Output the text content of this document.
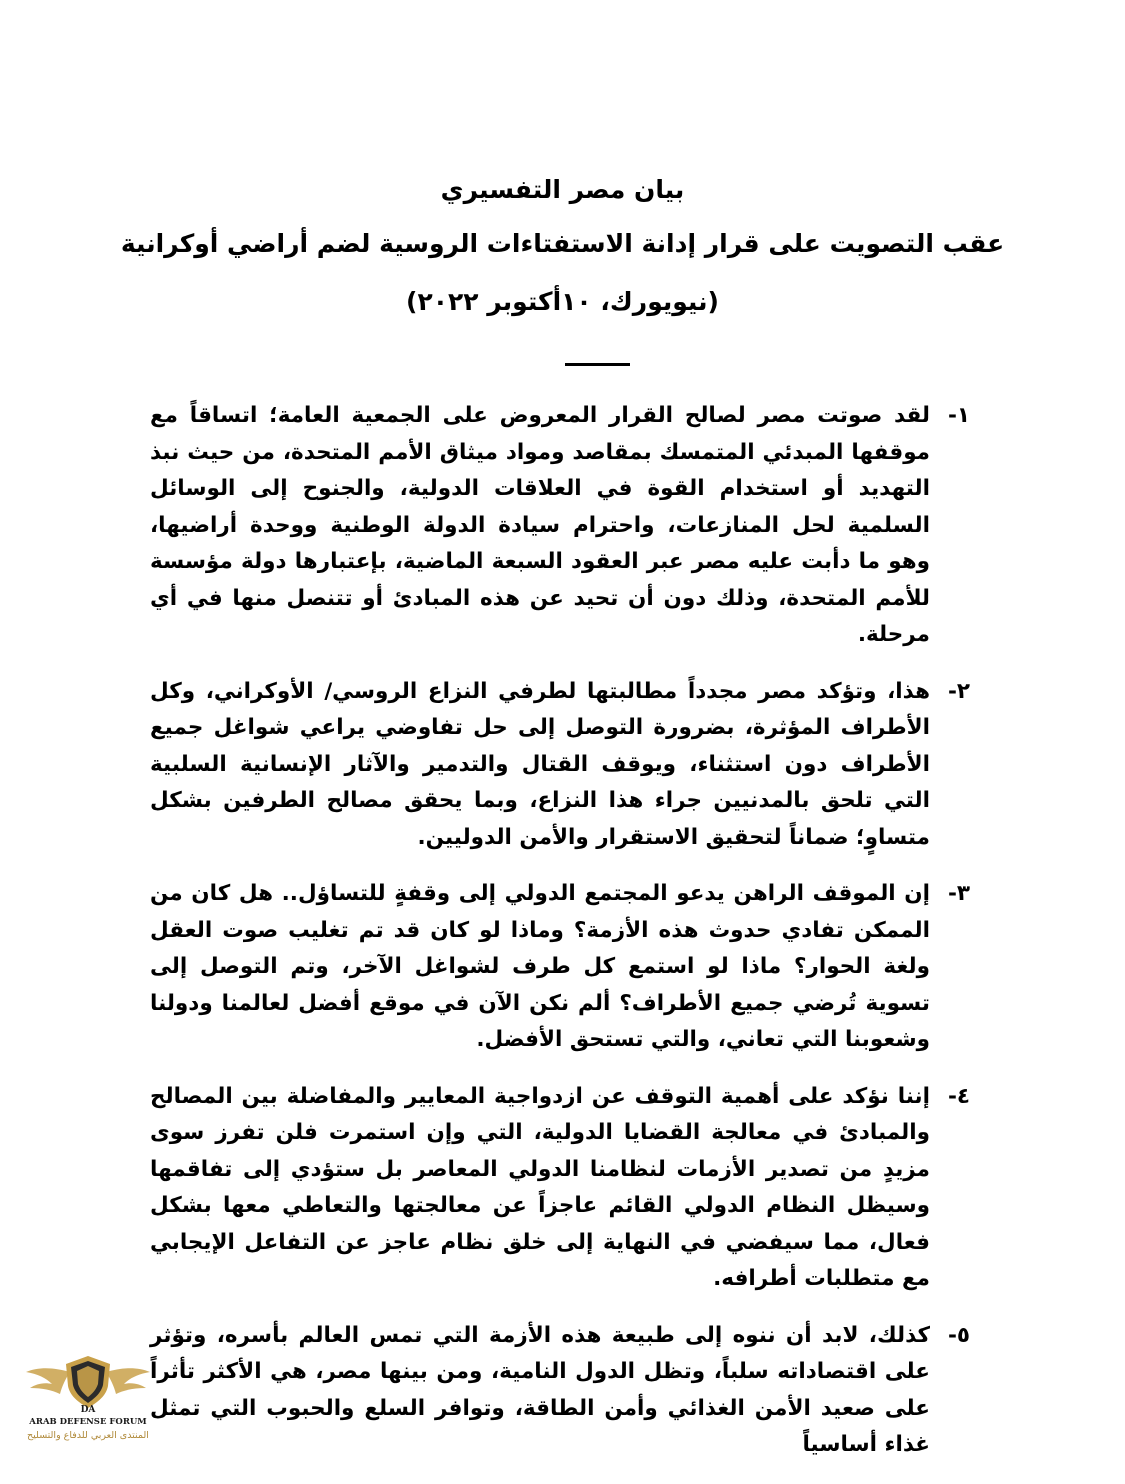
بيان مصر التفسيري
عقب التصويت على قرار إدانة الاستفتاءات الروسية لضم أراضي أوكرانية
(نيويورك، ١٠أكتوبر ٢٠٢٢)
١-
لقد صوتت مصر لصالح القرار المعروض على الجمعية العامة؛ اتساقاً مع موقفها المبدئي المتمسك بمقاصد ومواد ميثاق الأمم المتحدة، من حيث نبذ التهديد أو استخدام القوة في العلاقات الدولية، والجنوح إلى الوسائل السلمية لحل المنازعات، واحترام سيادة الدولة الوطنية ووحدة أراضيها، وهو ما دأبت عليه مصر عبر العقود السبعة الماضية، بإعتبارها دولة مؤسسة للأمم المتحدة، وذلك دون أن تحيد عن هذه المبادئ أو تتنصل منها في أي مرحلة.
٢-
هذا، وتؤكد مصر مجدداً مطالبتها لطرفي النزاع الروسي/ الأوكراني، وكل الأطراف المؤثرة، بضرورة التوصل إلى حل تفاوضي يراعي شواغل جميع الأطراف دون استثناء، ويوقف القتال والتدمير والآثار الإنسانية السلبية التي تلحق بالمدنيين جراء هذا النزاع، وبما يحقق مصالح الطرفين بشكل متساوٍ؛ ضماناً لتحقيق الاستقرار والأمن الدوليين.
٣-
إن الموقف الراهن يدعو المجتمع الدولي إلى وقفةٍ للتساؤل.. هل كان من الممكن تفادي حدوث هذه الأزمة؟ وماذا لو كان قد تم تغليب صوت العقل ولغة الحوار؟ ماذا لو استمع كل طرف لشواغل الآخر، وتم التوصل إلى تسوية تُرضي جميع الأطراف؟ ألم نكن الآن في موقع أفضل لعالمنا ودولنا وشعوبنا التي تعاني، والتي تستحق الأفضل.
٤-
إننا نؤكد على أهمية التوقف عن ازدواجية المعايير والمفاضلة بين المصالح والمبادئ في معالجة القضايا الدولية، التي وإن استمرت فلن تفرز سوى مزيدٍ من تصدير الأزمات لنظامنا الدولي المعاصر بل ستؤدي إلى تفاقمها وسيظل النظام الدولي القائم عاجزاً عن معالجتها والتعاطي معها بشكل فعال، مما سيفضي في النهاية إلى خلق نظام عاجز عن التفاعل الإيجابي مع متطلبات أطرافه.
٥-
كذلك، لابد أن ننوه إلى طبيعة هذه الأزمة التي تمس العالم بأسره، وتؤثر على اقتصاداته سلباً، وتظل الدول النامية، ومن بينها مصر، هي الأكثر تأثراً على صعيد الأمن الغذائي وأمن الطاقة، وتوافر السلع والحبوب التي تمثل غذاء أساسياً
DA
ARAB DEFENSE FORUM
المنتدى العربي للدفاع والتسليح
